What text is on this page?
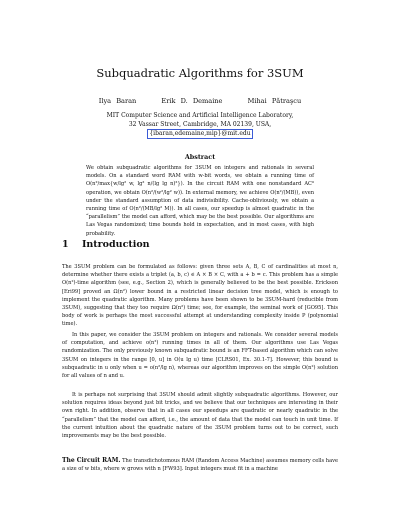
Subquadratic Algorithms for 3SUM
Ilya Baran	Erik D. Demaine	Mihai Pătraşcu
MIT Computer Science and Artificial Intelligence Laboratory,
32 Vassar Street, Cambridge, MA 02139, USA,
{ibaran,edemaine,mip}@mit.edu
Abstract
We obtain subquadratic algorithms for 3SUM on integers and rationals in several models. On a standard word RAM with w-bit words, we obtain a running time of O(n²/max{w/lg² w, lg² n/(lg lg n)²}). In the circuit RAM with one nonstandard AC⁰ operation, we obtain O(n²/(w²/lg² w)). In external memory, we achieve O(n²/(MB)), even under the standard assumption of data indivisibility. Cache-obliviously, we obtain a running time of O(n²/(MB/lg² M)). In all cases, our speedup is almost quadratic in the “parallelism” the model can afford, which may be the best possible. Our algorithms are Las Vegas randomized; time bounds hold in expectation, and in most cases, with high probability.
1 Introduction
The 3SUM problem can be formulated as follows: given three sets A, B, C of cardinalities at most n, determine whether there exists a triplet (a, b, c) ∈ A × B × C, with a + b = c. This problem has a simple O(n²)-time algorithm (see, e.g., Section 2), which is generally believed to be the best possible. Erickson [Eri99] proved an Ω(n²) lower bound in a restricted linear decision tree model, which is enough to implement the quadratic algorithm. Many problems have been shown to be 3SUM-hard (reducible from 3SUM), suggesting that they too require Ω(n²) time; see, for example, the seminal work of [GO95]. This body of work is perhaps the most successful attempt at understanding complexity inside P (polynomial time).
In this paper, we consider the 3SUM problem on integers and rationals. We consider several models of computation, and achieve o(n²) running times in all of them. Our algorithms use Las Vegas randomization. The only previously known subquadratic bound is an FFT-based algorithm which can solve 3SUM on integers in the range [0, u] in O(u lg u) time [CLRS01, Ex. 30.1-7]. However, this bound is subquadratic in u only when u = o(n²/lg n), whereas our algorithm improves on the simple O(n²) solution for all values of n and u.
It is perhaps not surprising that 3SUM should admit slightly subquadratic algorithms. However, our solution requires ideas beyond just bit tricks, and we believe that our techniques are interesting in their own right. In addition, observe that in all cases our speedups are quadratic or nearly quadratic in the “parallelism” that the model can afford, i.e., the amount of data that the model can touch in unit time. If the current intuition about the quadratic nature of the 3SUM problem turns out to be correct, such improvements may be the best possible.
The Circuit RAM. The transdichotomous RAM (Random Access Machine) assumes memory cells have a size of w bits, where w grows with n [FW93]. Input integers must fit in a machine
